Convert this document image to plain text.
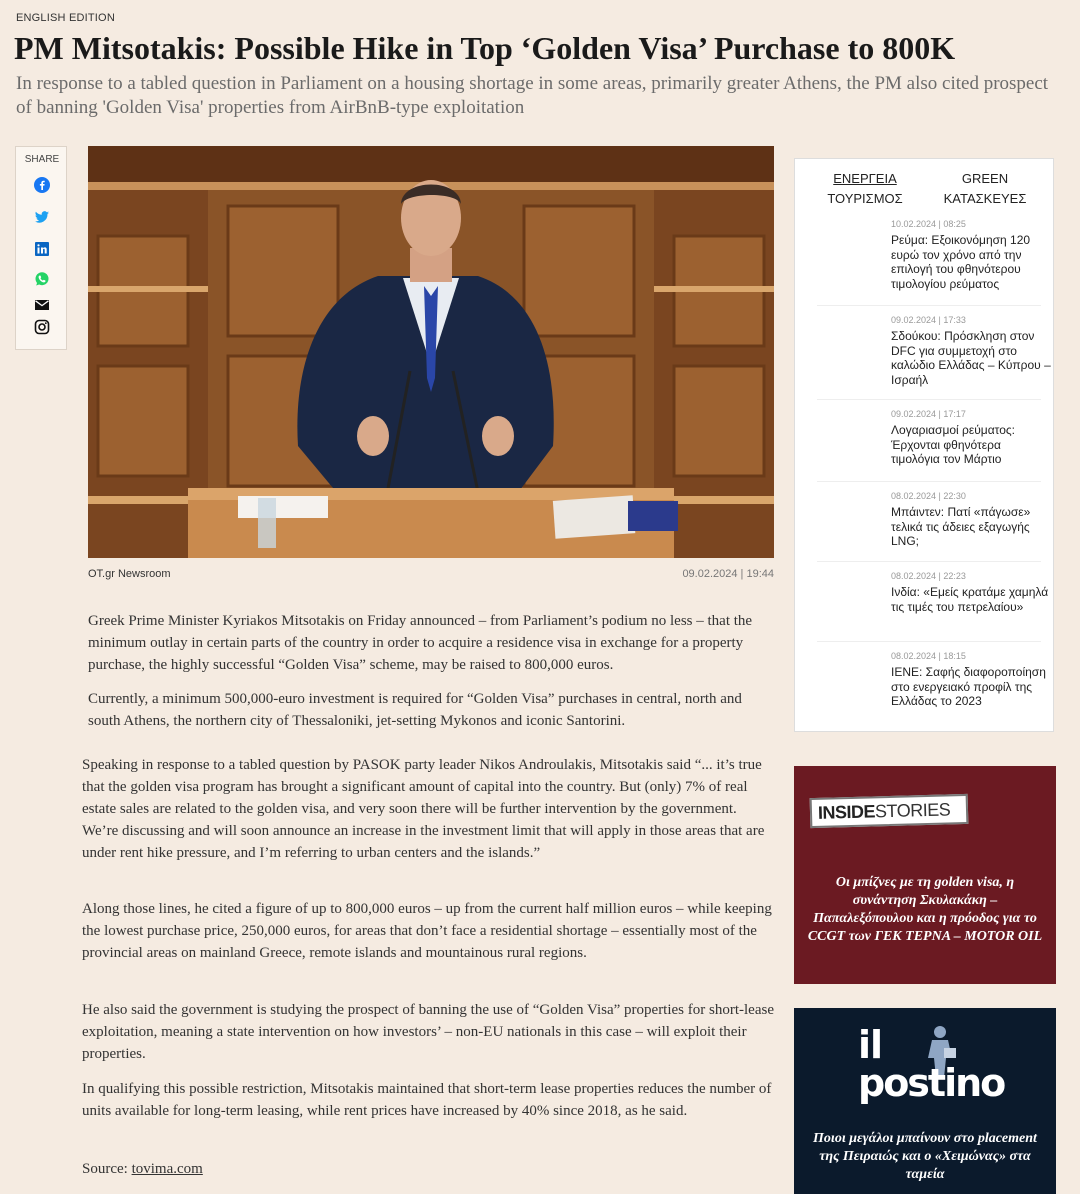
ENGLISH EDITION
PM Mitsotakis: Possible Hike in Top ‘Golden Visa’ Purchase to 800K

In response to a tabled question in Parliament on a housing shortage in some areas, primarily greater Athens, the PM also cited prospect of banning 'Golden Visa' properties from AirBnB-type exploitation

SHARE
OT.gr Newsroom	09.02.2024 | 19:44

Greek Prime Minister Kyriakos Mitsotakis on Friday announced – from Parliament’s podium no less – that the minimum outlay in certain parts of the country in order to acquire a residence visa in exchange for a property purchase, the highly successful “Golden Visa” scheme, may be raised to 800,000 euros.

Currently, a minimum 500,000-euro investment is required for “Golden Visa” purchases in central, north and south Athens, the northern city of Thessaloniki, jet-setting Mykonos and iconic Santorini.

Speaking in response to a tabled question by PASOK party leader Nikos Androulakis, Mitsotakis said “... it’s true that the golden visa program has brought a significant amount of capital into the country. But (only) 7% of real estate sales are related to the golden visa, and very soon there will be further intervention by the government. We’re discussing and will soon announce an increase in the investment limit that will apply in those areas that are under rent hike pressure, and I’m referring to urban centers and the islands.”

Along those lines, he cited a figure of up to 800,000 euros – up from the current half million euros – while keeping the lowest purchase price, 250,000 euros, for areas that don’t face a residential shortage – essentially most of the provincial areas on mainland Greece, remote islands and mountainous rural regions.

He also said the government is studying the prospect of banning the use of “Golden Visa” properties for short-lease exploitation, meaning a state intervention on how investors’ – non-EU nationals in this case – will exploit their properties.

In qualifying this possible restriction, Mitsotakis maintained that short-term lease properties reduces the number of units available for long-term leasing, while rent prices have increased by 40% since 2018, as he said.

Source: tovima.com

ΕΝΕΡΓΕΙΑ
ΤΟΥΡΙΣΜΟΣ
GREEN
ΚΑΤΑΣΚΕΥΕΣ
10.02.2024 | 08:25
Ρεύμα: Εξοικονόμηση 120 ευρώ τον χρόνο από την επιλογή του φθηνότερου τιμολογίου ρεύματος
09.02.2024 | 17:33
Σδούκου: Πρόσκληση στον DFC για συμμετοχή στο καλώδιο Ελλάδας – Κύπρου – Ισραήλ
09.02.2024 | 17:17
Λογαριασμοί ρεύματος: Έρχονται φθηνότερα τιμολόγια τον Μάρτιο
08.02.2024 | 22:30
Μπάιντεν: Πατί «πάγωσε» τελικά τις άδειες εξαγωγής LNG;
08.02.2024 | 22:23
Ινδία: «Εμείς κρατάμε χαμηλά τις τιμές του πετρελαίου»
08.02.2024 | 18:15
ΙΕΝΕ: Σαφής διαφοροποίηση στο ενεργειακό προφίλ της Ελλάδας το 2023
INSIDESTORIES
Οι μπίζνες με τη golden visa, η συνάντηση Σκυλακάκη – Παπαλεξόπουλου και η πρόοδος για το CCGT των ΓΕΚ ΤΕΡΝΑ – MOTOR OIL
il
postino
Ποιοι μεγάλοι μπαίνουν στο placement της Πειραιώς και ο «Χειμώνας» στα ταμεία
